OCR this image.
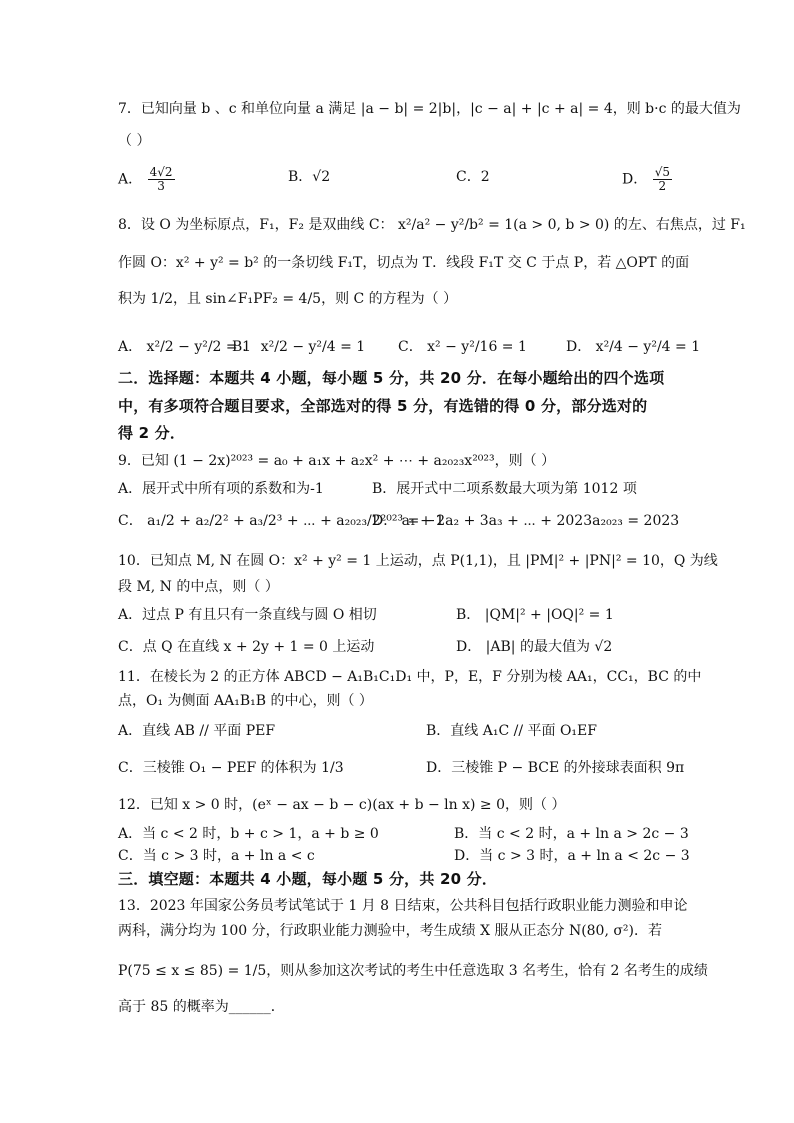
7．已知向量 b 、c 和单位向量 a 满足 |a − b| = 2|b|，|c − a| + |c + a| = 4，则 b·c 的最大值为
（ ）
A． $\frac{4√2}{3}$	B．√2	C．2	D． $\frac{√5}{2}$
8．设 O 为坐标原点，F₁，F₂ 是双曲线 C： x²/a² − y²/b² = 1(a > 0, b > 0) 的左、右焦点，过 F₁
作圆 O：x² + y² = b² 的一条切线 F₁T，切点为 T．线段 F₁T 交 C 于点 P，若 △OPT 的面
积为 1/2，且 sin∠F₁PF₂ = 4/5，则 C 的方程为（ ）
A． x²/2 − y²/2 = 1
B． x²/2 − y²/4 = 1 C． x² − y²/16 = 1	D． x²/4 − y²/4 = 1
二．选择题：本题共 4 小题，每小题 5 分，共 20 分．在每小题给出的四个选项
中，有多项符合题目要求，全部选对的得 5 分，有选错的得 0 分，部分选对的
得 2 分．
9．已知 (1 − 2x)²⁰²³ = a₀ + a₁x + a₂x² + ⋯ + a₂₀₂₃x²⁰²³，则（ ）
A．展开式中所有项的系数和为-1	B．展开式中二项系数最大项为第 1012 项
C． a₁/2 + a₂/2² + a₃/2³ + ⋯ + a₂₀₂₃/2²⁰²³ = −1
D． a₁ + 2a₂ + 3a₃ + ⋯ + 2023a₂₀₂₃ = 2023
10．已知点 M, N 在圆 O：x² + y² = 1 上运动，点 P(1,1)，且 |PM|² + |PN|² = 10，Q 为线
段 M, N 的中点，则（ ）
A．过点 P 有且只有一条直线与圆 O 相切	B． |QM|² + |OQ|² = 1
C．点 Q 在直线 x + 2y + 1 = 0 上运动	D． |AB| 的最大值为 √2
11．在棱长为 2 的正方体 ABCD − A₁B₁C₁D₁ 中，P，E，F 分别为棱 AA₁，CC₁，BC 的中
点，O₁ 为侧面 AA₁B₁B 的中心，则（ ）
A．直线 AB // 平面 PEF	B．直线 A₁C // 平面 O₁EF
C．三棱锥 O₁ − PEF 的体积为 1/3	D．三棱锥 P − BCE 的外接球表面积 9π
12．已知 x > 0 时，(eˣ − ax − b − c)(ax + b − ln x) ≥ 0，则（ ）
A．当 c < 2 时，b + c > 1，a + b ≥ 0	B．当 c < 2 时，a + ln a > 2c − 3
C．当 c > 3 时，a + ln a < c	D．当 c > 3 时，a + ln a < 2c − 3
三．填空题：本题共 4 小题，每小题 5 分，共 20 分．
13．2023 年国家公务员考试笔试于 1 月 8 日结束，公共科目包括行政职业能力测验和申论
两科，满分均为 100 分，行政职业能力测验中，考生成绩 X 服从正态分 N(80, σ²)．若
P(75 ≤ x ≤ 85) = 1/5，则从参加这次考试的考生中任意选取 3 名考生，恰有 2 名考生的成绩
高于 85 的概率为______．
